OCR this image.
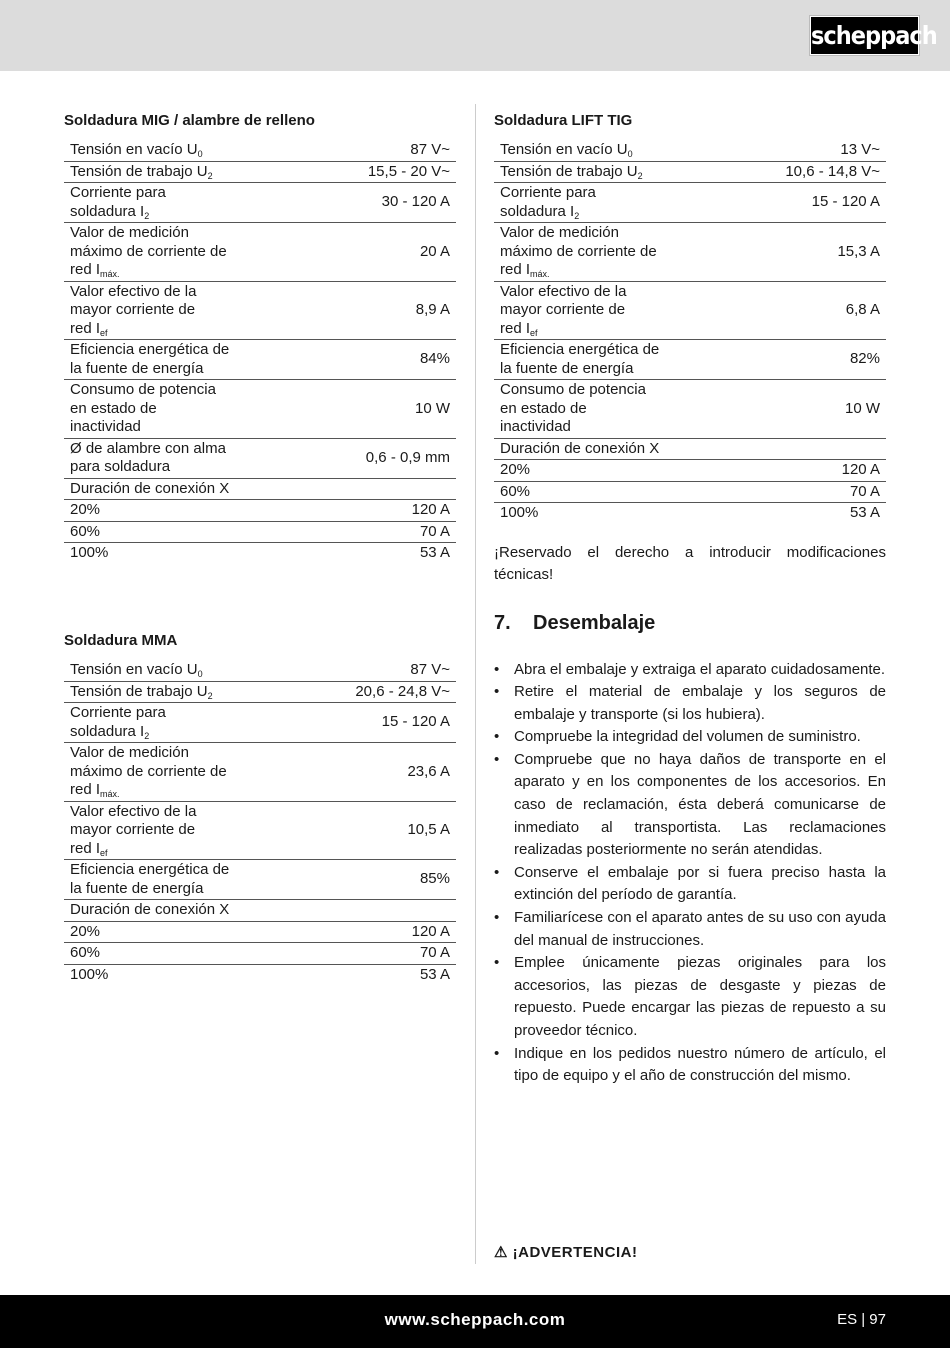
scheppach
Soldadura MIG / alambre de relleno
Tensión en vacío $U_0$	87 V~
Tensión de trabajo $U_2$	15,5 - 20 V~
Corriente para
soldadura $I_2$	30 - 120 A
Valor de medición
máximo de corriente de
red $I_{máx.}$	20 A
Valor efectivo de la
mayor corriente de
red $I_{ef}$	8,9 A
Eficiencia energética de
la fuente de energía	84%
Consumo de potencia
en estado de
inactividad	10 W
Ø de alambre con alma
para soldadura	0,6 - 0,9 mm
Duración de conexión X	
20%	120 A
60%	70 A
100%	53 A
Soldadura MMA
Tensión en vacío $U_0$	87 V~
Tensión de trabajo $U_2$	20,6 - 24,8 V~
Corriente para
soldadura $I_2$	15 - 120 A
Valor de medición
máximo de corriente de
red $I_{máx.}$	23,6 A
Valor efectivo de la
mayor corriente de
red $I_{ef}$	10,5 A
Eficiencia energética de
la fuente de energía	85%
Duración de conexión X	
20%	120 A
60%	70 A
100%	53 A
Soldadura LIFT TIG
Tensión en vacío $U_0$	13 V~
Tensión de trabajo $U_2$	10,6 - 14,8 V~
Corriente para
soldadura $I_2$	15 - 120 A
Valor de medición
máximo de corriente de
red $I_{máx.}$	15,3 A
Valor efectivo de la
mayor corriente de
red $I_{ef}$	6,8 A
Eficiencia energética de
la fuente de energía	82%
Consumo de potencia
en estado de
inactividad	10 W
Duración de conexión X	
20%	120 A
60%	70 A
100%	53 A

¡Reservado el derecho a introducir modificaciones técnicas!

7. Desembalaje
• Abra el embalaje y extraiga el aparato cuidadosamente.
• Retire el material de embalaje y los seguros de embalaje y transporte (si los hubiera).
• Compruebe la integridad del volumen de suministro.
• Compruebe que no haya daños de transporte en el aparato y en los componentes de los accesorios. En caso de reclamación, ésta deberá comunicarse de inmediato al transportista. Las reclamaciones realizadas posteriormente no serán atendidas.
• Conserve el embalaje por si fuera preciso hasta la extinción del período de garantía.
• Familiarícese con el aparato antes de su uso con ayuda del manual de instrucciones.
• Emplee únicamente piezas originales para los accesorios, las piezas de desgaste y piezas de repuesto. Puede encargar las piezas de repuesto a su proveedor técnico.
• Indique en los pedidos nuestro número de artículo, el tipo de equipo y el año de construcción del mismo.
⚠ ¡ADVERTENCIA!
www.scheppach.com	ES | 97
